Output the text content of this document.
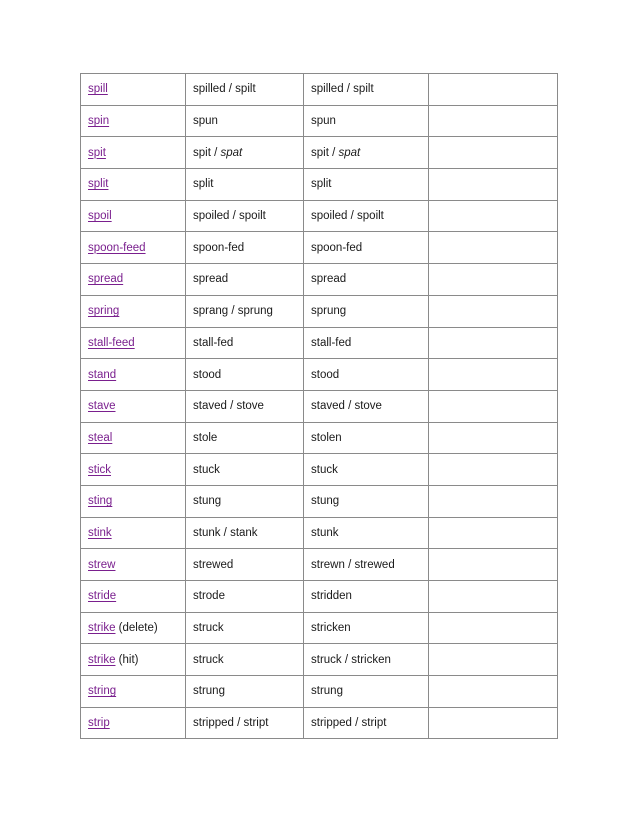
spill	spilled / spilt	spilled / spilt	
spin	spun	spun	
spit	spit / spat	spit / spat	
split	split	split	
spoil	spoiled / spoilt	spoiled / spoilt	
spoon-feed	spoon-fed	spoon-fed	
spread	spread	spread	
spring	sprang / sprung	sprung	
stall-feed	stall-fed	stall-fed	
stand	stood	stood	
stave	staved / stove	staved / stove	
steal	stole	stolen	
stick	stuck	stuck	
sting	stung	stung	
stink	stunk / stank	stunk	
strew	strewed	strewn / strewed	
stride	strode	stridden	
strike (delete)	struck	stricken	
strike (hit)	struck	struck / stricken	
string	strung	strung	
strip	stripped / stript	stripped / stript	
